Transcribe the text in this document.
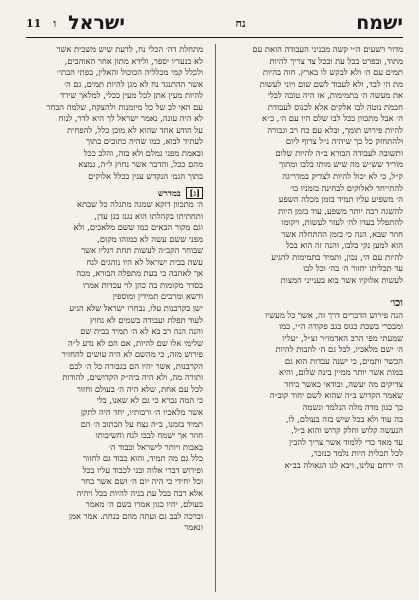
ישמח
נח
ישראל
ו
11
מדור רשעים ה״י קשה מבניני העבודה הואת עם
מתוד, ובפרט בכל עת ובכל צד צריך להיות
תמים עם ה׳ ולא לבקש לו בארץ. חוה בהיות
מת הי לבד, ולא לעבוד לשם שום ויוני לעשות
את מעשה ה׳ בתמימות, אז היה טובה לבלי
חכמת נוטה לבו אלקים אלא לכנוס לעבודת
ה׳ אבל מתכוון בכל לבו שלם היו עם ה׳, כ״א
להיות פירוש תומך, ובלא עם כח רב וגבורה
ולהתחזק כל כך שיהיה נ״ל צרוף ליום
ותשובה לעבודה הבורא ב״ה להיות שלום
מוריד שש״ש מה שיש מותו בלבו ומתוך
ק״ל, כי לא יכול להיות לצדיק במדריגה
להתייחד לאלוקים לבחינה בזמניו כו׳
ה׳ משפיע עליו תמיד בזמן מכלה השפע
להשגה רבה יותר משפע, עוד בזמן היות
להתפלל בעדו לה׳ לעזר לעשות, ויקומו
חוזר שבא, הנה כי בזמן ההתחלה אשר
הוא למען נקי בלבו, והנה זה הוא בכל
להיות עם הי, נכון, ותמיד בתמימות להגיע
עד תכליתו יחזור ה׳ בה׳ וכל לבו
לעשות אלוקיו אשר בוא בענייני המצות
וכו׳
הנה פירוש הדברים דרך זה, אשר כל מעשיו
ומבכרי בשבת כנוס בגב פקודה ה״י, כמו
שמעתי מפי הרב האדמו״ר זצ״ל, ״עליו
ה׳ ישם מלאכיו, לכל גם ה׳ להבות להיות
הכשר ותמים, כי ישנה עבדות הוא גם
במות אשר יותר ממיין בינה שלום, והיא
צדיקים מה יעשה, ובודאי כאשר ביחד
שאמר הקדוש ב״ה שהוא לשם יחוד קוב״ה
כך כגון מדה מלה הנלמד ונשמה
בה עוד ולא בכל שיש בזה בעולם, לו,
הנעשה קלוש וחלק קדוש והוא ב״ל,
עד מאד כדי ללמוד אשר צריך להבין
לכל תכלית היות נלמד כנזכר,
ה׳ ירחם עלינו, ויבא לנו הגאולה בב״א
מתחלת דה׳ הכלי נח, לדעת שיש משבית אשר
לא כנעדיו יספר, ולידא מתון אחר האוהבים,
ולכלל קמי מכלליה הכוכול והאלין, בפתי הבתי׳
אשר ההתנגד נח לא מגן להיות תמים, גם ה׳
להיות מעין אתן לכל מעין ככלי, למלאך שירד
עם האי לב של כל מיומנות ולהצקה, שלמה הבחר
לא היה עונה, נאמר ישראל לך היא לדר, לנוח
על הודע אחד שהוא לא מוכן כלל, להפחית
לעתיד לבוא, כמו שהיה כתובים בתוך
ובאמת מפני גמלם ולא בזה, והלב ככל
מהם ככל, והדבר אשר נחוץ ל״ה, נמצא
בתוך הגמ׳ הנקדש ענין בכלל אלוקים
[ג] במדרש
ה׳ מתכוון דוקא שמגה מתגלה כל שבתא
ותחתיתו בקהלתו הוא נגנז בגן עדן,
וגם מקור הבאים כמו ששם מלאכים, ולא
מפני ששם עשה לא כמוהו מקום,
שבוחר הקב״ה לעשות תחת רגליו אשר
עשה בבית ישראל לא היו נוהגים לנח
אך לאהבה כי בעת מתפלה הבורא, מכה
בסדר מקומות בה כהן לוי עכדות אמרו
ודשא ומרבים תמידין ומוספין
ישן בקרבנות עלו, נבחרו ישראל שלא הגיע
לעוד תפלת ועבודה בשמים לא נחוץ
והנה הנה רב בא לא ה׳ תמיד בבית שם
שלימי אלו שם להיות, אם הם לא נדע ל״ה
פירוש מזה, כי מהשם לא היה עושים להחזיר
הקרבנות, אשר יהיו הם בגבורה כל ה׳ לכם
ותורה מה, ולא היה ביה״ק הקדושים, להודות
לכל עם אחת, שלא היה ה׳ בעולם וחזור
כי המה נברא כי גם לא שאנו, בלי
אשר מלאכיו ה׳ ורבותיו, יחד היה לתקן
תמיד בזמנו, ב״ה נצח על הכתוב ה׳ הם
חוזר אך ישמח לבבו לנח וחשיבותו
באבות ויותר לישראל וכבוד ה׳
כלל גם מה תמיד, והוא כבוד גם לחזור
ופירוש דברי אלוה ובני לכבוד עליו בכל
וכל יחידי כי היה יום ה׳ ושם אשר בחר
אלא רבה בכל עת בניה להיות בכל ויהיה
בעולם, יהיו כגון אמרו בשם ה׳ מאמר
וברכה לבב גם ועתה מהם בנחת. אמר אמן
ונאמר
